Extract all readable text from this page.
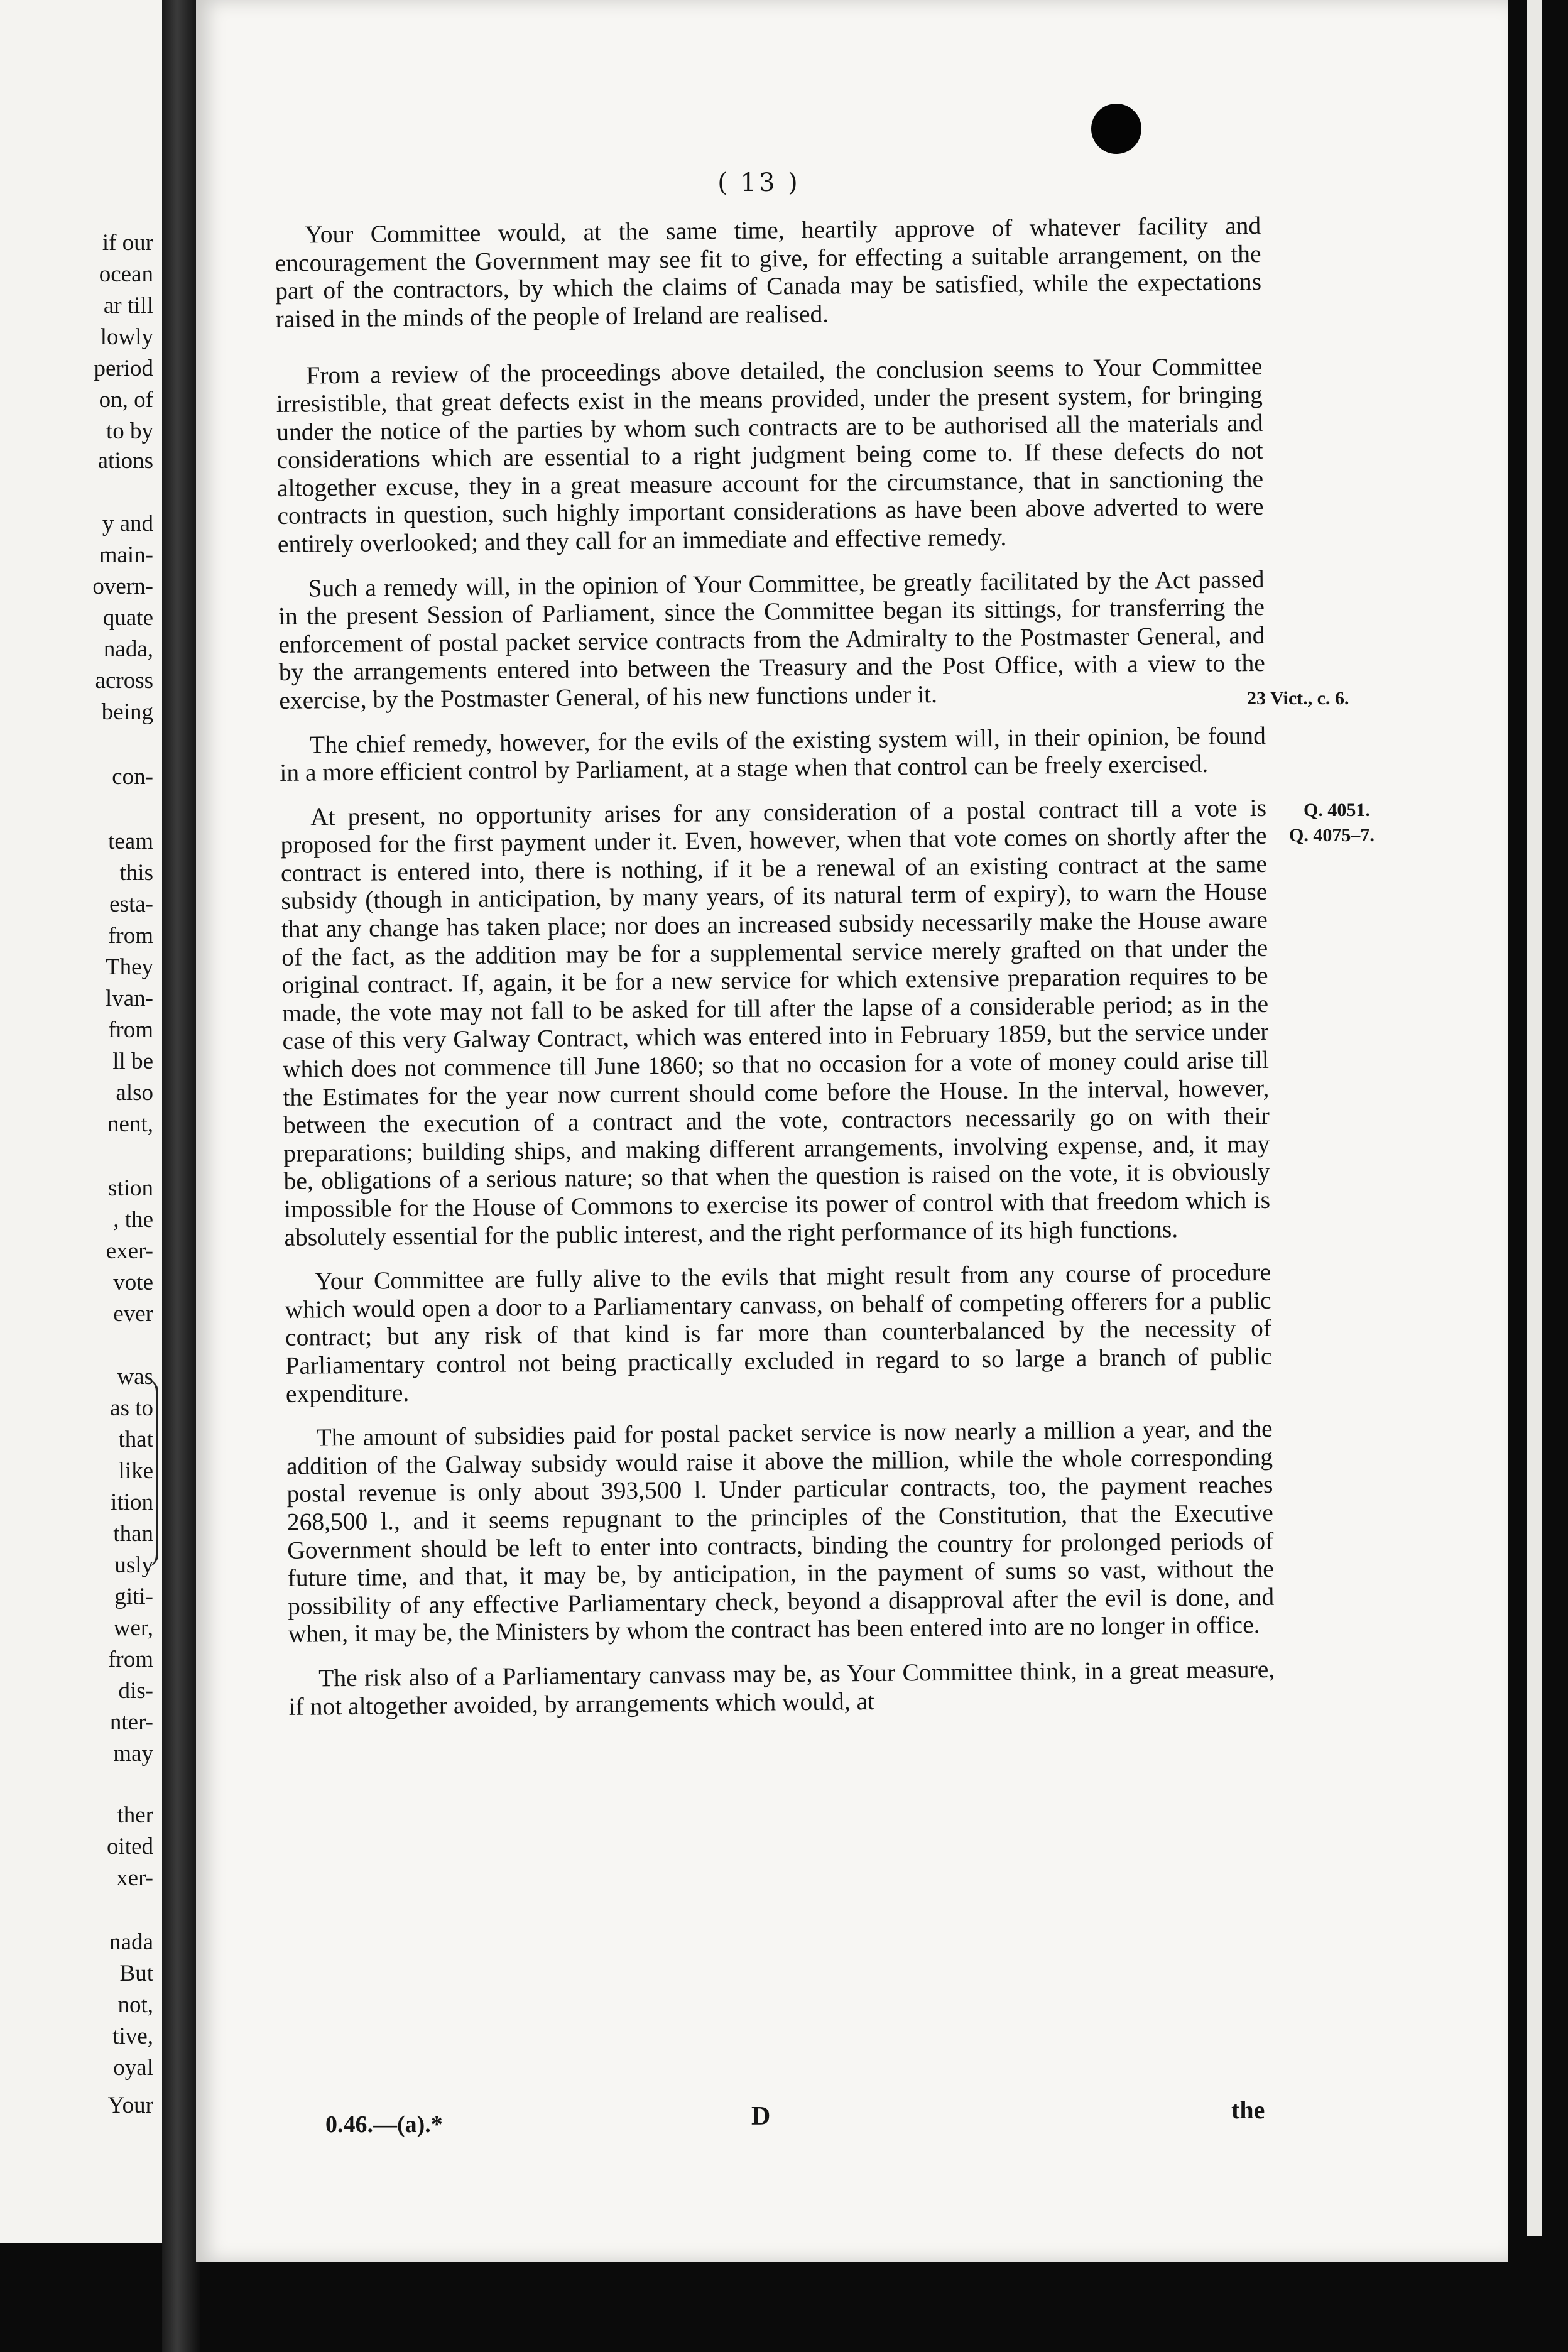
if our
ocean
ar till
lowly
period
on, of
to by
ations
y and
main-
overn-
quate
nada,
across
being
con-
team
this
esta-
from
They
lvan-
from
ll be
also
nent,
stion
, the
exer-
vote
ever
was
as to
that
like
ition
than
usly
giti-
wer,
from
dis-
nter-
may
ther
oited
xer-
nada
But
not,
tive,
oyal
Your
( 13 )

Your Committee would, at the same time, heartily approve of whatever facility and encouragement the Government may see fit to give, for effecting a suitable arrangement, on the part of the contractors, by which the claims of Canada may be satisfied, while the expectations raised in the minds of the people of Ireland are realised.

From a review of the proceedings above detailed, the conclusion seems to Your Committee irresistible, that great defects exist in the means provided, under the present system, for bringing under the notice of the parties by whom such contracts are to be authorised all the materials and considerations which are essential to a right judgment being come to. If these defects do not altogether excuse, they in a great measure account for the circumstance, that in sanctioning the contracts in question, such highly important considerations as have been above adverted to were entirely overlooked; and they call for an immediate and effective remedy.

Such a remedy will, in the opinion of Your Committee, be greatly facilitated by the Act passed in the present Session of Parliament, since the Committee began its sittings, for transferring the enforcement of postal packet service contracts from the Admiralty to the Postmaster General, and by the arrangements entered into between the Treasury and the Post Office, with a view to the exercise, by the Postmaster General, of his new functions under it.

The chief remedy, however, for the evils of the existing system will, in their opinion, be found in a more efficient control by Parliament, at a stage when that control can be freely exercised.

At present, no opportunity arises for any consideration of a postal contract till a vote is proposed for the first payment under it. Even, however, when that vote comes on shortly after the contract is entered into, there is nothing, if it be a renewal of an existing contract at the same subsidy (though in anticipation, by many years, of its natural term of expiry), to warn the House that any change has taken place; nor does an increased subsidy necessarily make the House aware of the fact, as the addition may be for a supplemental service merely grafted on that under the original contract. If, again, it be for a new service for which extensive preparation requires to be made, the vote may not fall to be asked for till after the lapse of a considerable period; as in the case of this very Galway Contract, which was entered into in February 1859, but the service under which does not commence till June 1860; so that no occasion for a vote of money could arise till the Estimates for the year now current should come before the House. In the interval, however, between the execution of a contract and the vote, contractors necessarily go on with their preparations; building ships, and making different arrangements, involving expense, and, it may be, obligations of a serious nature; so that when the question is raised on the vote, it is obviously impossible for the House of Commons to exercise its power of control with that freedom which is absolutely essential for the public interest, and the right performance of its high functions.

Your Committee are fully alive to the evils that might result from any course of procedure which would open a door to a Parliamentary canvass, on behalf of competing offerers for a public contract; but any risk of that kind is far more than counterbalanced by the necessity of Parliamentary control not being practically excluded in regard to so large a branch of public expenditure.

The amount of subsidies paid for postal packet service is now nearly a million a year, and the addition of the Galway subsidy would raise it above the million, while the whole corresponding postal revenue is only about 393,500 l. Under particular contracts, too, the payment reaches 268,500 l., and it seems repugnant to the principles of the Constitution, that the Executive Government should be left to enter into contracts, binding the country for prolonged periods of future time, and that, it may be, by anticipation, in the payment of sums so vast, without the possibility of any effective Parliamentary check, beyond a disapproval after the evil is done, and when, it may be, the Ministers by whom the contract has been entered into are no longer in office.

The risk also of a Parliamentary canvass may be, as Your Committee think, in a great measure, if not altogether avoided, by arrangements which would, at

23 Vict., c. 6.
Q. 4051.
Q. 4075–7.
0.46.—(a).*	D	the
